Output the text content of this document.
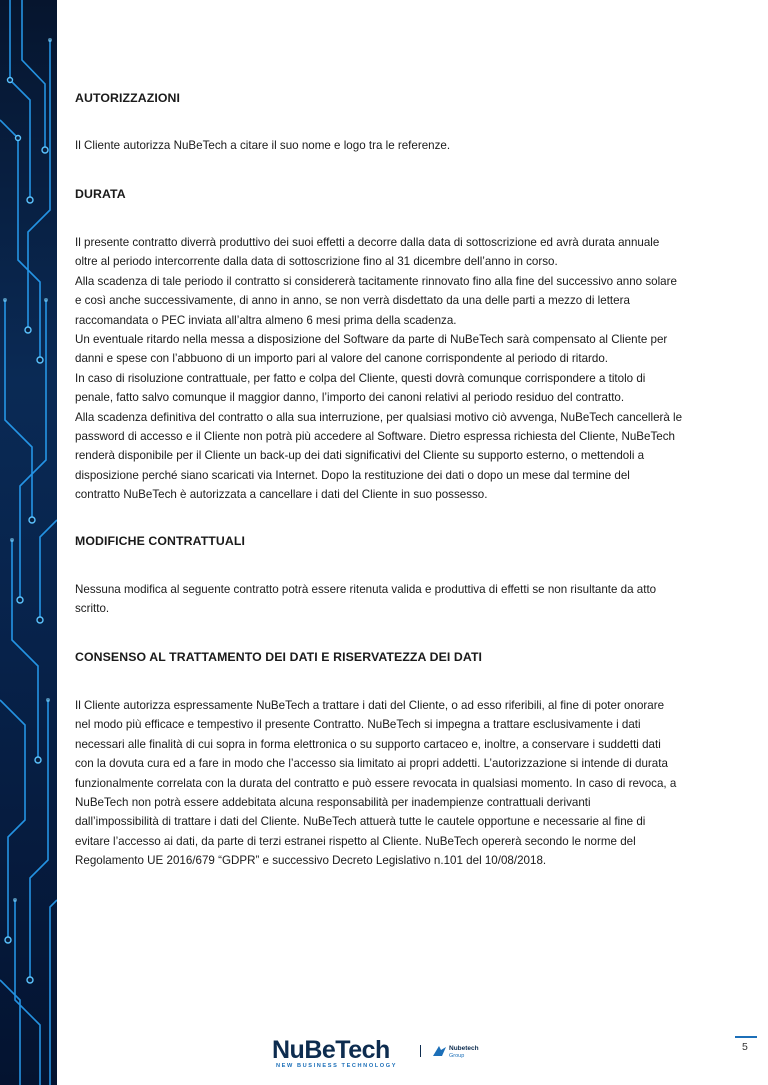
AUTORIZZAZIONI
Il Cliente autorizza NuBeTech a citare il suo nome e logo tra le referenze.
DURATA
Il presente contratto diverrà produttivo dei suoi effetti a decorre dalla data di sottoscrizione ed avrà durata annuale
oltre al periodo intercorrente dalla data di sottoscrizione fino al 31 dicembre dell’anno in corso.
Alla scadenza di tale periodo il contratto si considererà tacitamente rinnovato fino alla fine del successivo anno solare
e così anche successivamente, di anno in anno, se non verrà disdettato da una delle parti a mezzo di lettera
raccomandata o PEC inviata all’altra almeno 6 mesi prima della scadenza.
Un eventuale ritardo nella messa a disposizione del Software da parte di NuBeTech sarà compensato al Cliente per
danni e spese con l’abbuono di un importo pari al valore del canone corrispondente al periodo di ritardo.
In caso di risoluzione contrattuale, per fatto e colpa del Cliente, questi dovrà comunque corrispondere a titolo di
penale, fatto salvo comunque il maggior danno, l’importo dei canoni relativi al periodo residuo del contratto.
Alla scadenza definitiva del contratto o alla sua interruzione, per qualsiasi motivo ciò avvenga, NuBeTech cancellerà le
password di accesso e il Cliente non potrà più accedere al Software. Dietro espressa richiesta del Cliente, NuBeTech
renderà disponibile per il Cliente un back-up dei dati significativi del Cliente su supporto esterno, o mettendoli a
disposizione perché siano scaricati via Internet. Dopo la restituzione dei dati o dopo un mese dal termine del
contratto NuBeTech è autorizzata a cancellare i dati del Cliente in suo possesso.
MODIFICHE CONTRATTUALI
Nessuna modifica al seguente contratto potrà essere ritenuta valida e produttiva di effetti se non risultante da atto
scritto.
CONSENSO AL TRATTAMENTO DEI DATI E RISERVATEZZA DEI DATI
Il Cliente autorizza espressamente NuBeTech a trattare i dati del Cliente, o ad esso riferibili, al fine di poter onorare
nel modo più efficace e tempestivo il presente Contratto. NuBeTech si impegna a trattare esclusivamente i dati
necessari alle finalità di cui sopra in forma elettronica o su supporto cartaceo e, inoltre, a conservare i suddetti dati
con la dovuta cura ed a fare in modo che l’accesso sia limitato ai propri addetti. L’autorizzazione si intende di durata
funzionalmente correlata con la durata del contratto e può essere revocata in qualsiasi momento. In caso di revoca, a
NuBeTech non potrà essere addebitata alcuna responsabilità per inadempienze contrattuali derivanti
dall’impossibilità di trattare i dati del Cliente. NuBeTech attuerà tutte le cautele opportune e necessarie al fine di
evitare l’accesso ai dati, da parte di terzi estranei rispetto al Cliente. NuBeTech opererà secondo le norme del
Regolamento UE 2016/679 “GDPR” e successivo Decreto Legislativo n.101 del 10/08/2018.
NuBeTech
NEW BUSINESS TECHNOLOGY
Nubetech
Group
5
